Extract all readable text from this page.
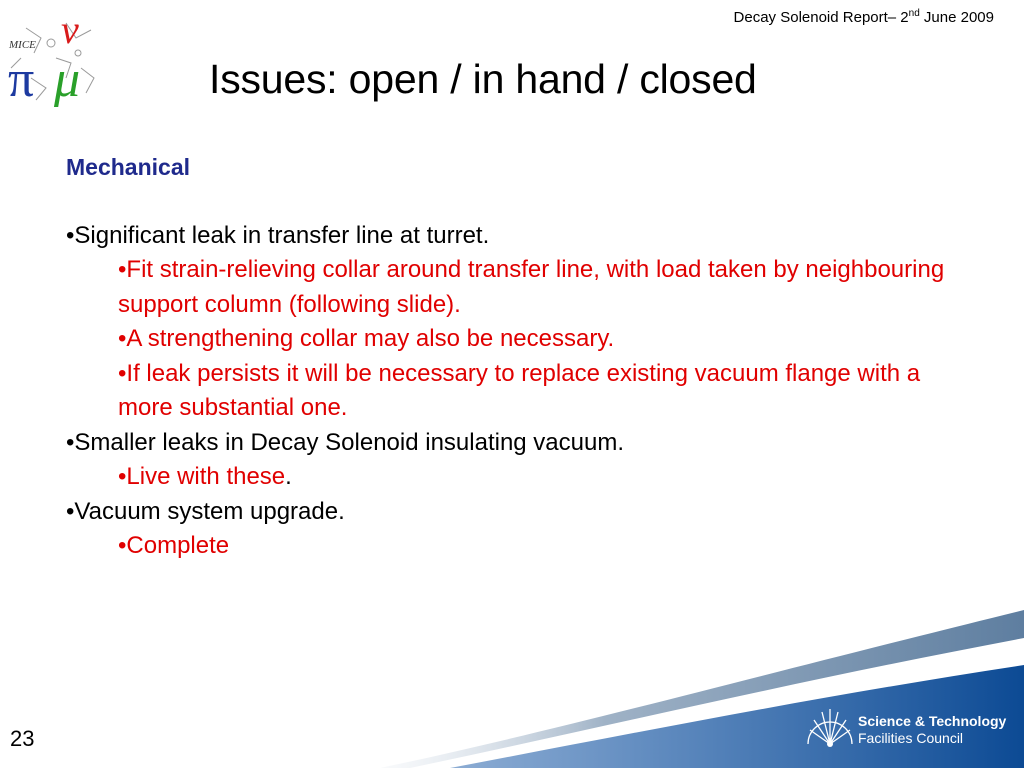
Decay Solenoid Report– 2nd June 2009
MICE ν
π μ	Issues: open / in hand / closed
Mechanical
•Significant leak in transfer line at turret.
•Fit strain-relieving collar around transfer line, with load taken by neighbouring support column (following slide).
•A strengthening collar may also be necessary.
•If leak persists it will be necessary to replace existing vacuum flange with a more substantial one.
•Smaller leaks in Decay Solenoid insulating vacuum.
•Live with these.
•Vacuum system upgrade.
•Complete
23
Science & Technology
Facilities Council
